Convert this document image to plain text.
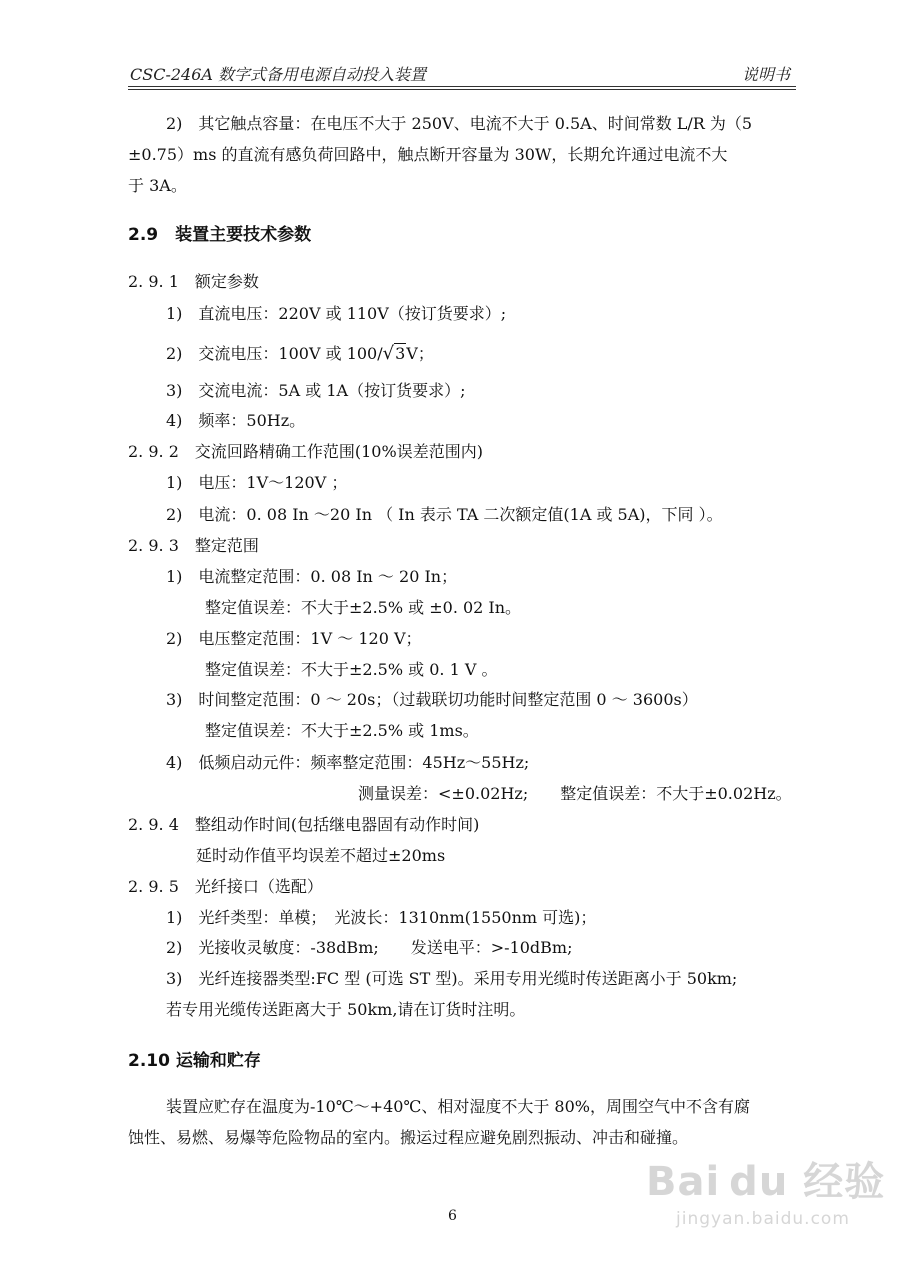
CSC-246A 数字式备用电源自动投入装置	说明书
2)　其它触点容量：在电压不大于 250V、电流不大于 0.5A、时间常数 L/R 为（5
±0.75）ms 的直流有感负荷回路中，触点断开容量为 30W，长期允许通过电流不大
于 3A。
2.9　装置主要技术参数
2. 9. 1　额定参数
1)　直流电压：220V 或 110V（按订货要求）;
2)　交流电压：100V 或 100/√3V；
3)　交流电流：5A 或 1A（按订货要求）;
4)　频率：50Hz。
2. 9. 2　交流回路精确工作范围(10%误差范围内)
1)　电压：1V～120V ；
2)　电流：0. 08 In ～20 In （ In 表示 TA 二次额定值(1A 或 5A)，下同 ）。
2. 9. 3　整定范围
1)　电流整定范围：0. 08 In ～ 20 In；
整定值误差：不大于±2.5% 或 ±0. 02 In。
2)　电压整定范围：1V ～ 120 V；
整定值误差：不大于±2.5% 或 0. 1 V 。
3)　时间整定范围：0 ～ 20s；（过载联切功能时间整定范围 0 ～ 3600s）
整定值误差：不大于±2.5% 或 1ms。
4)　低频启动元件：频率整定范围：45Hz～55Hz;
测量误差：<±0.02Hz;　　整定值误差：不大于±0.02Hz。
2. 9. 4　整组动作时间(包括继电器固有动作时间)
延时动作值平均误差不超过±20ms
2. 9. 5　光纤接口（选配）
1)　光纤类型：单模；　光波长：1310nm(1550nm 可选)；
2)　光接收灵敏度：-38dBm;　　发送电平：>-10dBm;
3)　光纤连接器类型:FC 型 (可选 ST 型)。采用专用光缆时传送距离小于 50km;
若专用光缆传送距离大于 50km,请在订货时注明。
2.10 运输和贮存
装置应贮存在温度为-10℃～+40℃、相对湿度不大于 80%，周围空气中不含有腐
蚀性、易燃、易爆等危险物品的室内。搬运过程应避免剧烈振动、冲击和碰撞。
6
Bai du 经验
jingyan.baidu.com
